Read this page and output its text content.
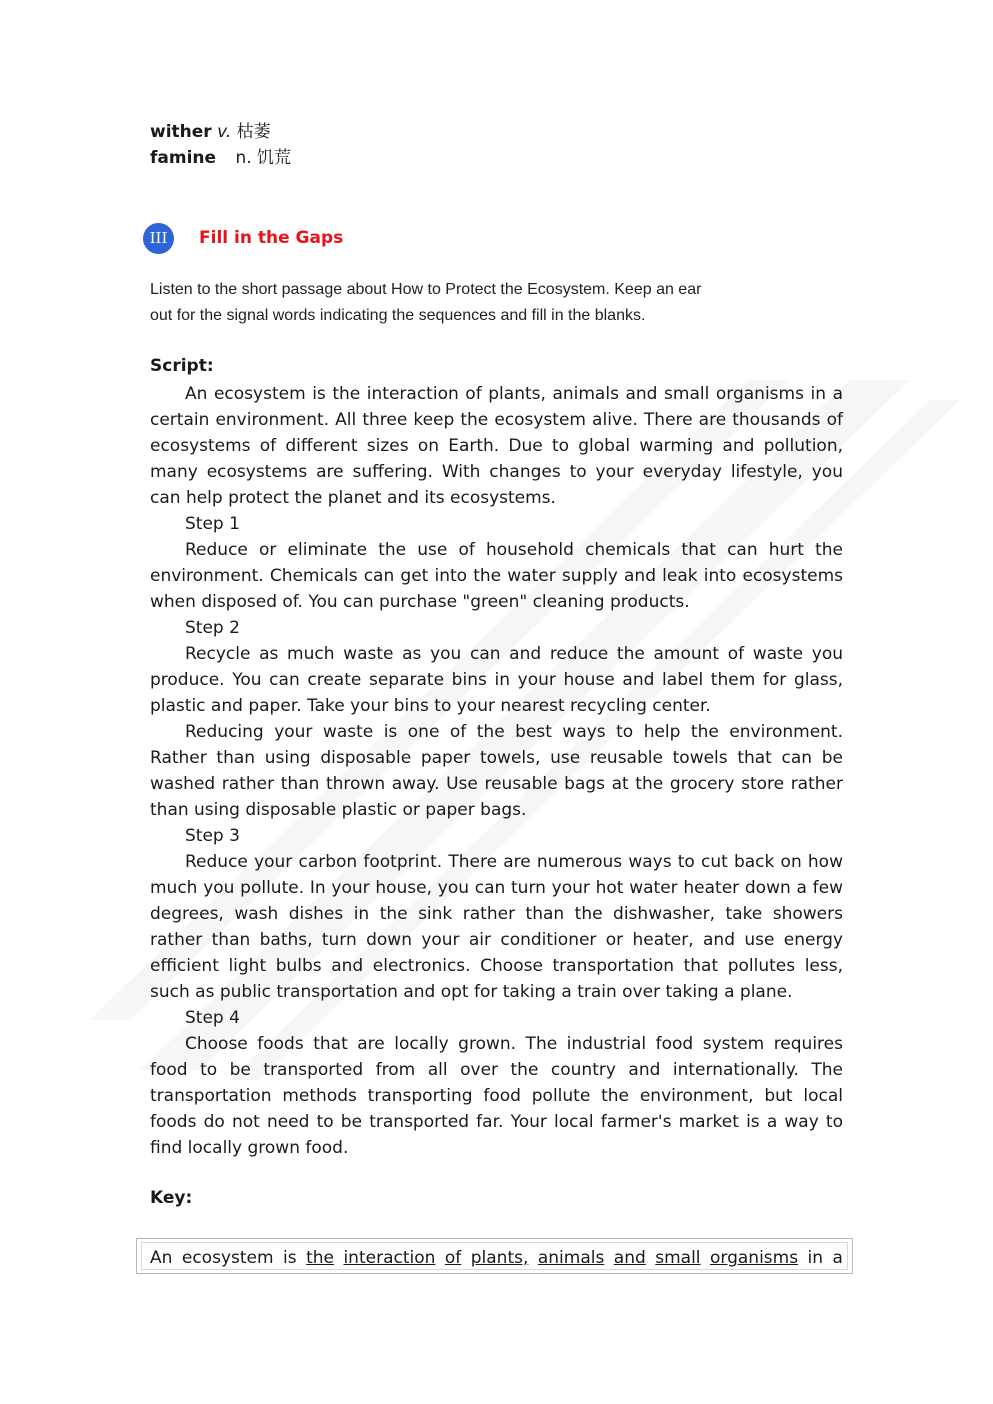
wither v. 枯萎
famine n. 饥荒
III	Fill in the Gaps

Listen to the short passage about How to Protect the Ecosystem. Keep an ear

out for the signal words indicating the sequences and fill in the blanks.

Script:

An ecosystem is the interaction of plants, animals and small organisms in a certain environment. All three keep the ecosystem alive. There are thousands of ecosystems of different sizes on Earth. Due to global warming and pollution, many ecosystems are suffering. With changes to your everyday lifestyle, you can help protect the planet and its ecosystems.

Step 1

Reduce or eliminate the use of household chemicals that can hurt the environment. Chemicals can get into the water supply and leak into ecosystems when disposed of. You can purchase "green" cleaning products.

Step 2

Recycle as much waste as you can and reduce the amount of waste you produce. You can create separate bins in your house and label them for glass, plastic and paper. Take your bins to your nearest recycling center.

Reducing your waste is one of the best ways to help the environment. Rather than using disposable paper towels, use reusable towels that can be washed rather than thrown away. Use reusable bags at the grocery store rather than using disposable plastic or paper bags.

Step 3

Reduce your carbon footprint. There are numerous ways to cut back on how much you pollute. In your house, you can turn your hot water heater down a few degrees, wash dishes in the sink rather than the dishwasher, take showers rather than baths, turn down your air conditioner or heater, and use energy efficient light bulbs and electronics. Choose transportation that pollutes less, such as public transportation and opt for taking a train over taking a plane.

Step 4

Choose foods that are locally grown. The industrial food system requires food to be transported from all over the country and internationally. The transportation methods transporting food pollute the environment, but local foods do not need to be transported far. Your local farmer's market is a way to find locally grown food.

Key:
An ecosystem is the interaction of plants, animals and small organisms in a
